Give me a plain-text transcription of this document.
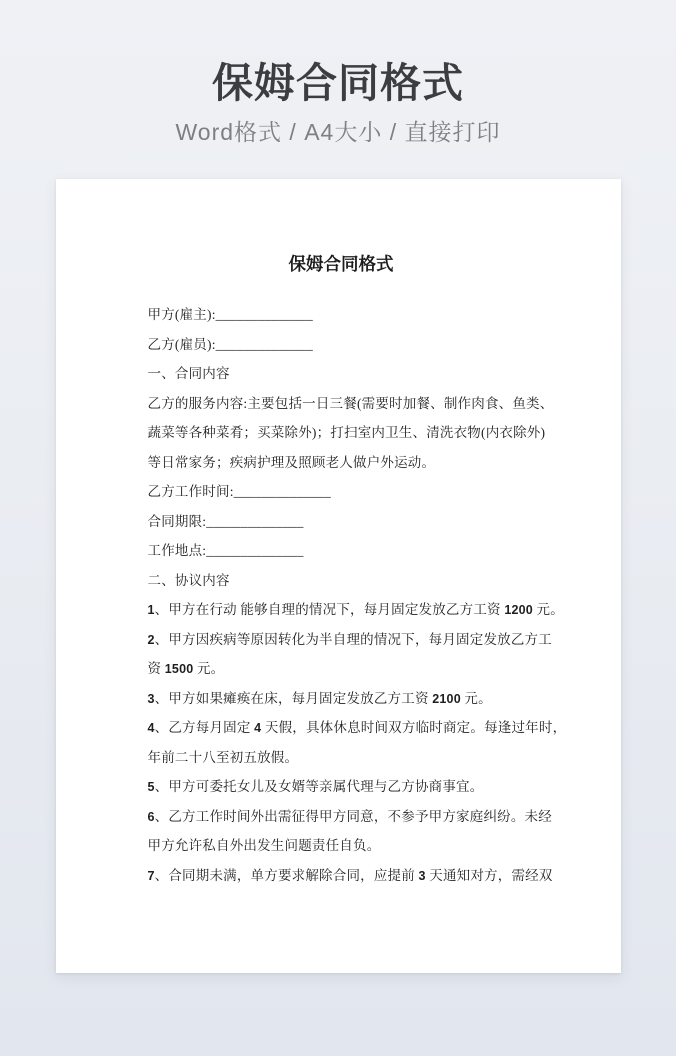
保姆合同格式

Word格式 / A4大小 / 直接打印

保姆合同格式
甲方(雇主):______________
乙方(雇员):______________
一、合同内容
乙方的服务内容:主要包括一日三餐(需要时加餐、制作肉食、鱼类、
蔬菜等各种菜肴；买菜除外)；打扫室内卫生、清洗衣物(内衣除外)
等日常家务；疾病护理及照顾老人做户外运动。
乙方工作时间:______________
合同期限:______________
工作地点:______________
二、协议内容
1、甲方在行动 能够自理的情况下，每月固定发放乙方工资 1200 元。
2、甲方因疾病等原因转化为半自理的情况下，每月固定发放乙方工
资 1500 元。
3、甲方如果瘫痪在床，每月固定发放乙方工资 2100 元。
4、乙方每月固定 4 天假，具体休息时间双方临时商定。每逢过年时，
年前二十八至初五放假。
5、甲方可委托女儿及女婿等亲属代理与乙方协商事宜。
6、乙方工作时间外出需征得甲方同意，不参予甲方家庭纠纷。未经
甲方允许私自外出发生问题责任自负。
7、合同期未满，单方要求解除合同，应提前 3 天通知对方，需经双
